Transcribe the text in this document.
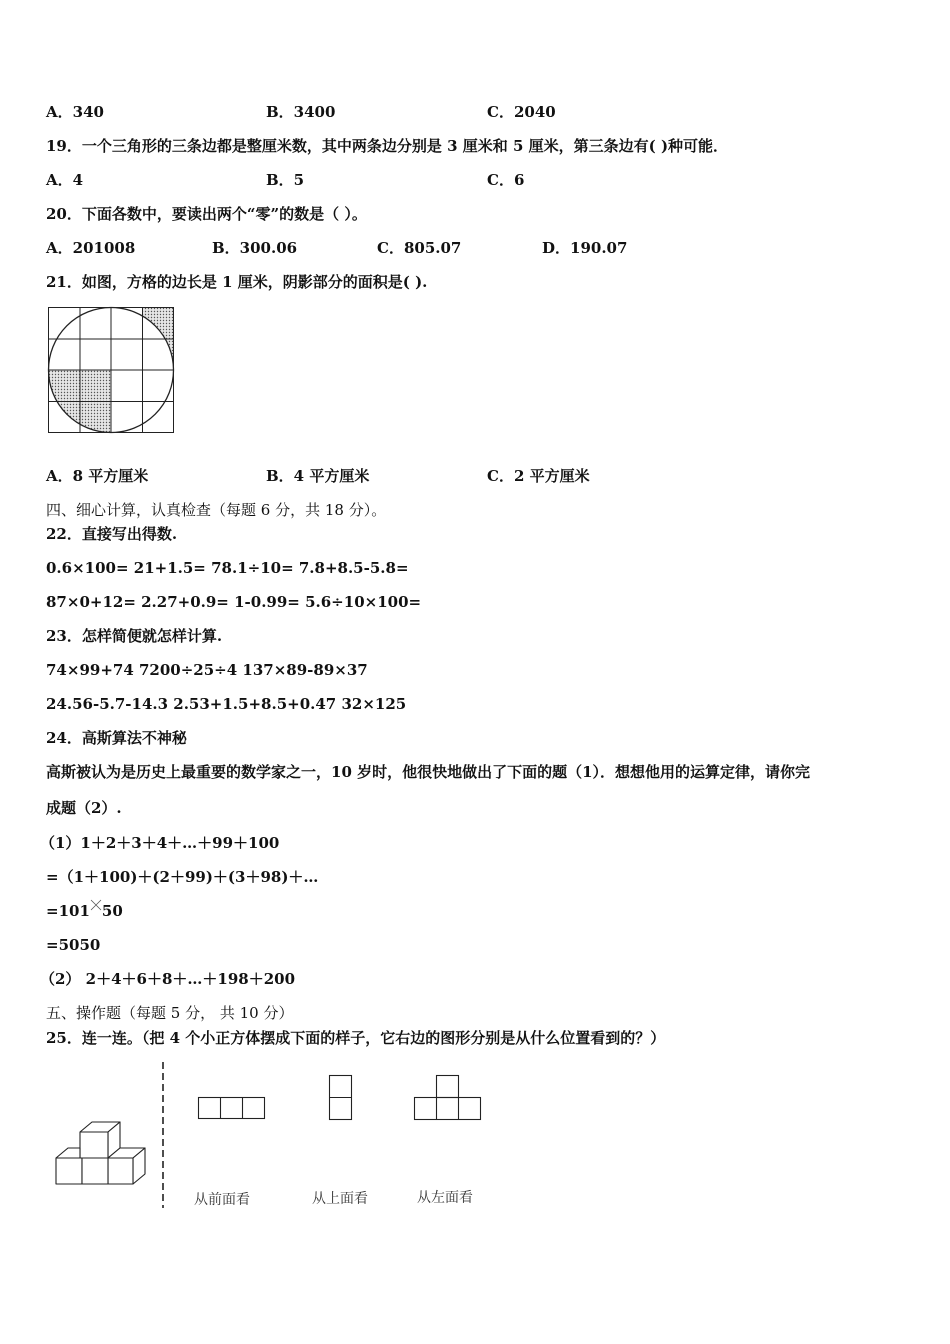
A．340	B．3400	C．2040
19．一个三角形的三条边都是整厘米数，其中两条边分别是 3 厘米和 5 厘米，第三条边有( )种可能．
A．4	B．5	C．6
20．下面各数中，要读出两个“零”的数是（ ）。
A．201008	B．300.06	C．805.07	D．190.07
21．如图，方格的边长是 1 厘米，阴影部分的面积是( ).
A．8 平方厘米	B．4 平方厘米	C．2 平方厘米
四、细心计算，认真检查（每题 6 分，共 18 分）。
22．直接写出得数.
0.6×100= 21+1.5= 78.1÷10= 7.8+8.5-5.8=
87×0+12= 2.27+0.9= 1-0.99= 5.6÷10×100=
23．怎样简便就怎样计算.
74×99+74 7200÷25÷4 137×89-89×37
24.56-5.7-14.3 2.53+1.5+8.5+0.47 32×125
24．高斯算法不神秘
高斯被认为是历史上最重要的数学家之一，10 岁时，他很快地做出了下面的题（1）．想想他用的运算定律，请你完
成题（2）.
（1）1＋2＋3＋4＋…＋99＋100
=（1＋100)＋(2＋99)＋(3＋98)＋…
=101 50
=5050
（2） 2＋4＋6＋8＋…＋198＋200
五、操作题（每题 5 分， 共 10 分）
25．连一连。（把 4 个小正方体摆成下面的样子，它右边的图形分别是从什么位置看到的？）
从前面看	从上面看	从左面看
